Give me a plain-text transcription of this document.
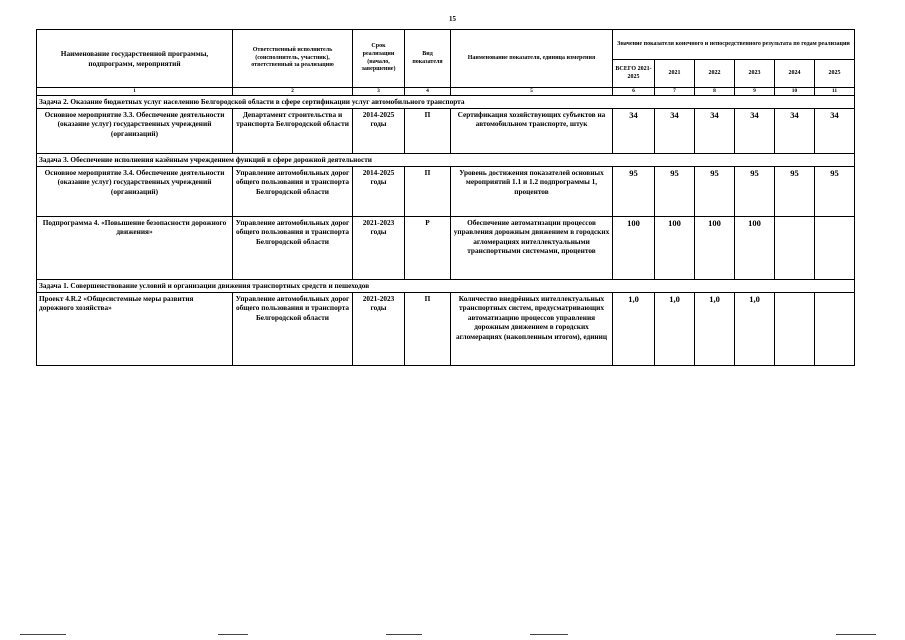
15
Наименование государственной программы, подпрограмм, мероприятий	Ответственный исполнитель (соисполнитель, участник), ответственный за реализацию	Срок реализации (начало, завершение)	Вид показателя	Наименование показателя, единица измерения	Значение показателя конечного и непосредственного результата по годам реализации					
					ВСЕГО 2021-2025	2021	2022	2023	2024	2025
1	2	3	4	5	6	7	8	9	10	11
Задача 2. Оказание бюджетных услуг населению Белгородской области в сфере сертификации услуг автомобильного транспорта										
Основное мероприятие 3.3. Обеспечение деятельности (оказание услуг) государственных учреждений (организаций)	Департамент строительства и транспорта Белгородской области	2014-2025 годы	П	Сертификация хозяйствующих субъектов на автомобильном транспорте, штук	34	34	34	34	34	34
Задача 3. Обеспечение исполнения казённым учреждением функций в сфере дорожной деятельности										
Основное мероприятие 3.4. Обеспечение деятельности (оказание услуг) государственных учреждений (организаций)	Управление автомобильных дорог общего пользования и транспорта Белгородской области	2014-2025 годы	П	Уровень достижения показателей основных мероприятий 1.1 и 1.2 подпрограммы 1, процентов	95	95	95	95	95	95
Подпрограмма 4. «Повышение безопасности дорожного движения»	Управление автомобильных дорог общего пользования и транспорта Белгородской области	2021-2023 годы	Р	Обеспечение автоматизации процессов управления дорожным движением в городских агломерациях интеллектуальными транспортными системами, процентов	100	100	100	100		
Задача 1. Совершенствование условий и организации движения транспортных средств и пешеходов										
Проект 4.R.2 «Общесистемные меры развития дорожного хозяйства»	Управление автомобильных дорог общего пользования и транспорта Белгородской области	2021-2023 годы	П	Количество внедрённых интеллектуальных транспортных систем, предусматривающих автоматизацию процессов управления дорожным движением в городских агломерациях (накопленным итогом), единиц	1,0	1,0	1,0	1,0		
